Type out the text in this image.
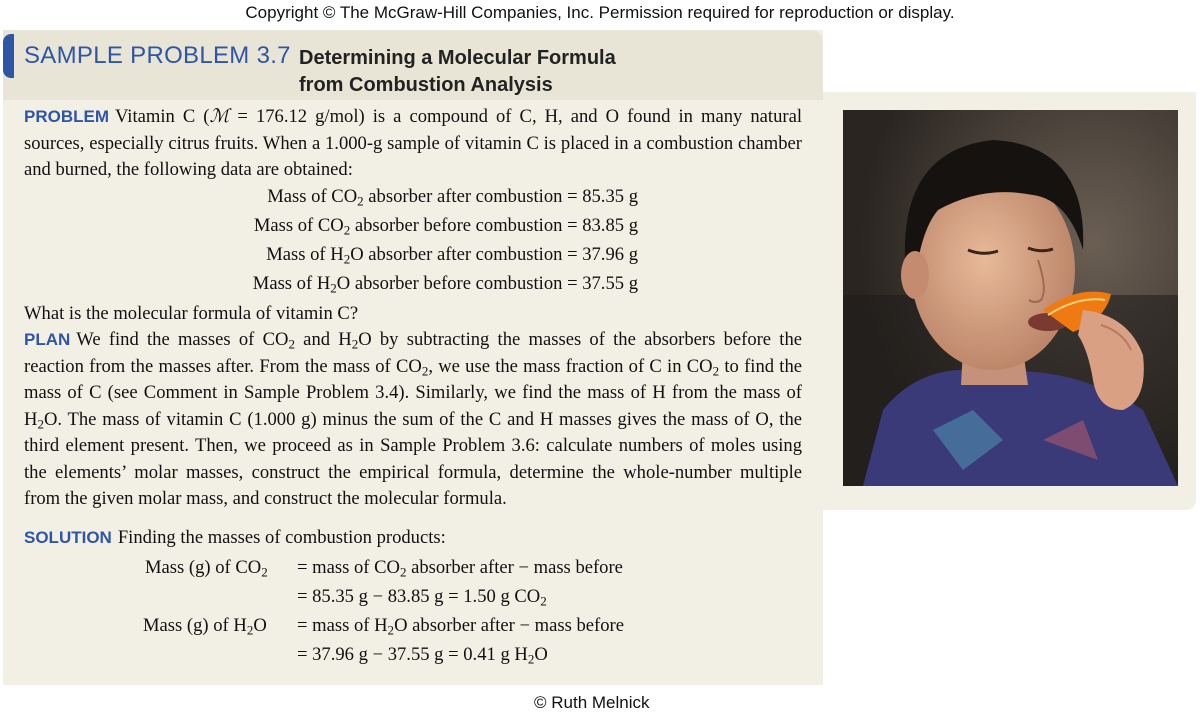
Copyright © The McGraw-Hill Companies, Inc. Permission required for reproduction or display.
SAMPLE PROBLEM 3.7 Determining a Molecular Formula
from Combustion Analysis
PROBLEM Vitamin C (ℳ = 176.12 g/mol) is a compound of C, H, and O found in many natural sources, especially citrus fruits. When a 1.000-g sample of vitamin C is placed in a combustion chamber and burned, the following data are obtained:
Mass of $CO_2$ absorber after combustion = 85.35 g
Mass of $CO_2$ absorber before combustion = 83.85 g
Mass of $H_2O$ absorber after combustion = 37.96 g
Mass of $H_2O$ absorber before combustion = 37.55 g
What is the molecular formula of vitamin C?
PLAN We find the masses of $CO_2$ and $H_2O$ by subtracting the masses of the absorbers before the reaction from the masses after. From the mass of $CO_2$, we use the mass fraction of C in $CO_2$ to find the mass of C (see Comment in Sample Problem 3.4). Similarly, we find the mass of H from the mass of $H_2O$. The mass of vitamin C (1.000 g) minus the sum of the C and H masses gives the mass of O, the third element present. Then, we proceed as in Sample Problem 3.6: calculate numbers of moles using the elements’ molar masses, construct the empirical formula, determine the whole-number multiple from the given molar mass, and construct the molecular formula.
SOLUTION Finding the masses of combustion products:
Mass (g) of $CO_2$ = mass of $CO_2$ absorber after − mass before
= 85.35 g − 83.85 g = 1.50 g $CO_2$
Mass (g) of $H_2O$ = mass of $H_2O$ absorber after − mass before
= 37.96 g − 37.55 g = 0.41 g $H_2O$
© Ruth Melnick
